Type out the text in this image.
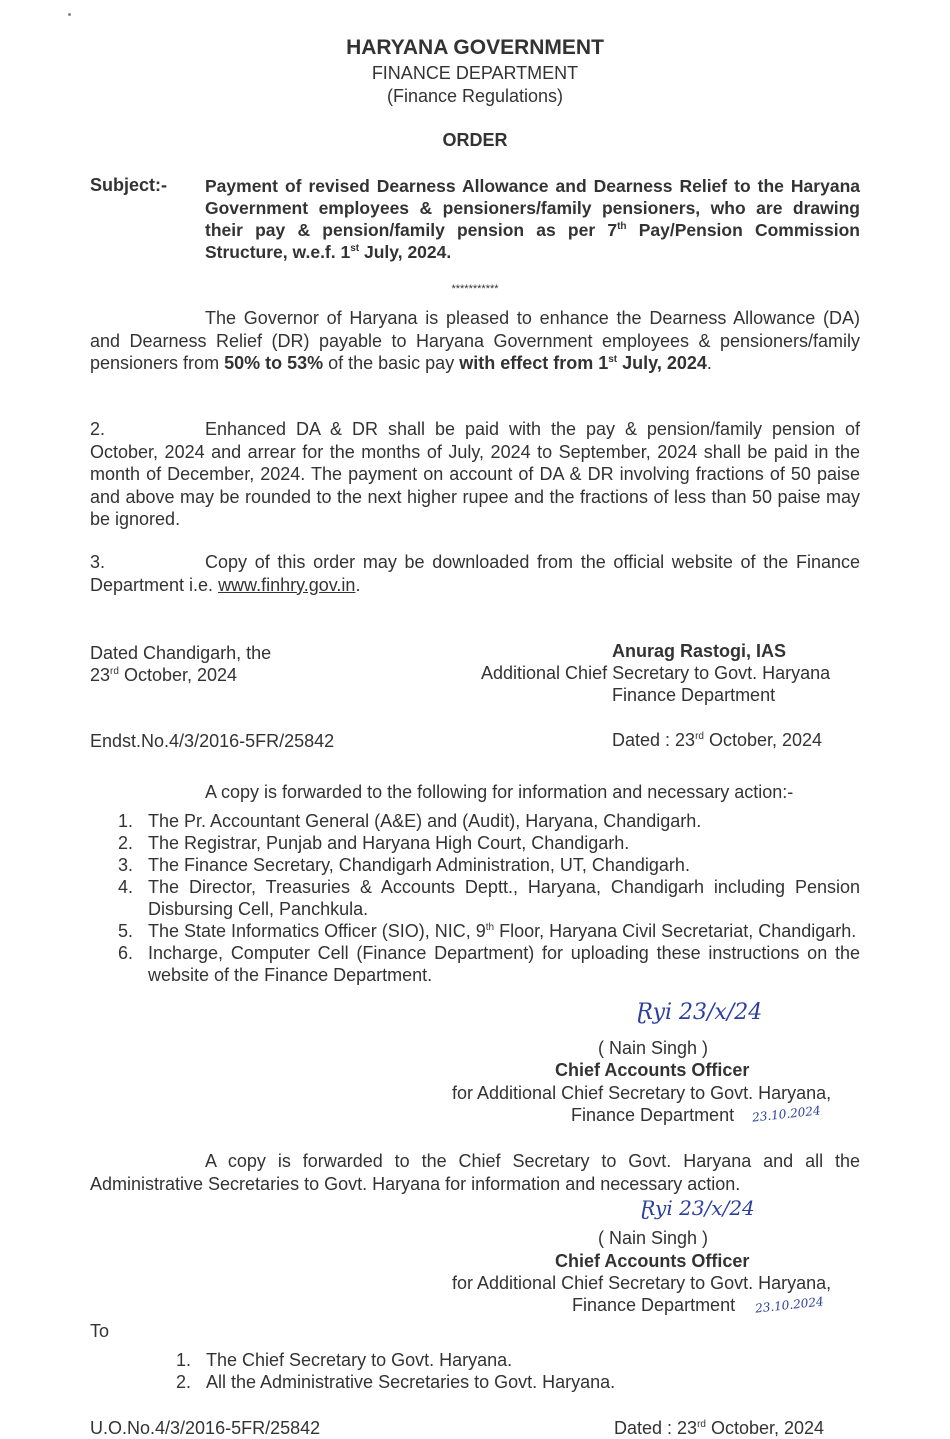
HARYANA GOVERNMENT
FINANCE DEPARTMENT
(Finance Regulations)
ORDER
Subject:- Payment of revised Dearness Allowance and Dearness Relief to the Haryana Government employees & pensioners/family pensioners, who are drawing their pay & pension/family pension as per 7th Pay/Pension Commission Structure, w.e.f. 1st July, 2024.
***********
The Governor of Haryana is pleased to enhance the Dearness Allowance (DA) and Dearness Relief (DR) payable to Haryana Government employees & pensioners/family pensioners from 50% to 53% of the basic pay with effect from 1st July, 2024.
2.	Enhanced DA & DR shall be paid with the pay & pension/family pension of October, 2024 and arrear for the months of July, 2024 to September, 2024 shall be paid in the month of December, 2024. The payment on account of DA & DR involving fractions of 50 paise and above may be rounded to the next higher rupee and the fractions of less than 50 paise may be ignored.
3.	Copy of this order may be downloaded from the official website of the Finance Department i.e. www.finhry.gov.in.
Dated Chandigarh, the
23rd October, 2024
Anurag Rastogi, IAS
Additional Chief Secretary to Govt. Haryana
Finance Department
Endst.No.4/3/2016-5FR/25842	Dated : 23rd October, 2024
A copy is forwarded to the following for information and necessary action:-
1. The Pr. Accountant General (A&E) and (Audit), Haryana, Chandigarh.
2. The Registrar, Punjab and Haryana High Court, Chandigarh.
3. The Finance Secretary, Chandigarh Administration, UT, Chandigarh.
4. The Director, Treasuries & Accounts Deptt., Haryana, Chandigarh including Pension Disbursing Cell, Panchkula.
5. The State Informatics Officer (SIO), NIC, 9th Floor, Haryana Civil Secretariat, Chandigarh.
6. Incharge, Computer Cell (Finance Department) for uploading these instructions on the website of the Finance Department.
Ɽyi 23/x/24
( Nain Singh )
Chief Accounts Officer
for Additional Chief Secretary to Govt. Haryana,
Finance Department 23.10.2024
A copy is forwarded to the Chief Secretary to Govt. Haryana and all the Administrative Secretaries to Govt. Haryana for information and necessary action.
Ɽyi 23/x/24
( Nain Singh )
Chief Accounts Officer
for Additional Chief Secretary to Govt. Haryana,
Finance Department 23.10.2024
To
1. The Chief Secretary to Govt. Haryana.
2. All the Administrative Secretaries to Govt. Haryana.
U.O.No.4/3/2016-5FR/25842	Dated : 23rd October, 2024
